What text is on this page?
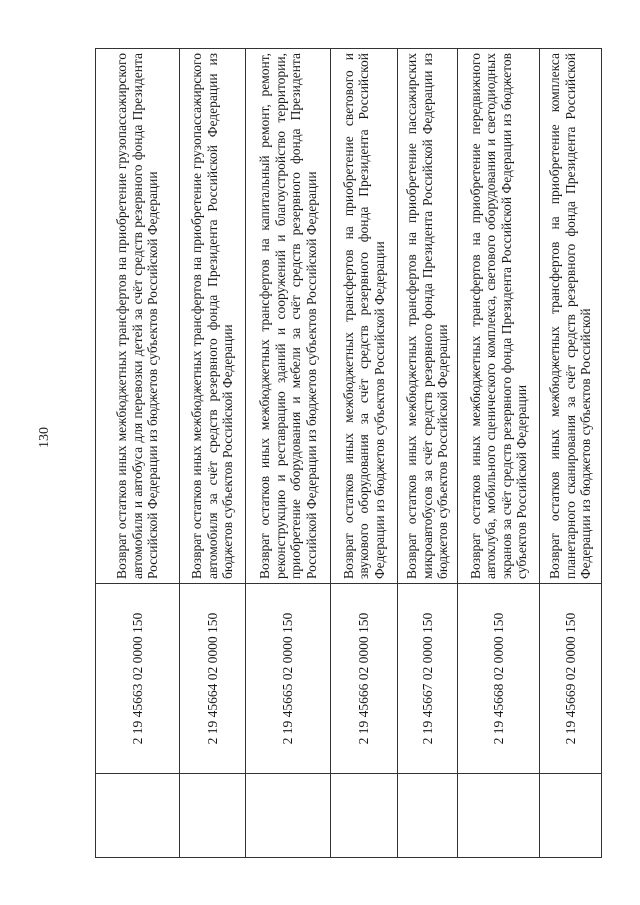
130
	2 19 45663 02 0000 150	Возврат остатков иных межбюджетных трансфертов на приобретение грузопассажирского автомобиля и автобуса для перевозки детей за счёт средств резервного фонда Президента Российской Федерации из бюджетов субъектов Российской Федерации
	2 19 45664 02 0000 150	Возврат остатков иных межбюджетных трансфертов на приобретение грузопассажирского автомобиля за счёт средств резервного фонда Президента Российской Федерации из бюджетов субъектов Российской Федерации
	2 19 45665 02 0000 150	Возврат остатков иных межбюджетных трансфертов на капитальный ремонт, ремонт, реконструкцию и реставрацию зданий и сооружений и благоустройство территории, приобретение оборудования и мебели за счёт средств резервного фонда Президента Российской Федерации из бюджетов субъектов Российской Федерации
	2 19 45666 02 0000 150	Возврат остатков иных межбюджетных трансфертов на приобретение светового и звукового оборудования за счёт средств резервного фонда Президента Российской Федерации из бюджетов субъектов Российской Федерации
	2 19 45667 02 0000 150	Возврат остатков иных межбюджетных трансфертов на приобретение пассажирских микроавтобусов за счёт средств резервного фонда Президента Российской Федерации из бюджетов субъектов Российской Федерации
	2 19 45668 02 0000 150	Возврат остатков иных межбюджетных трансфертов на приобретение передвижного автоклуба, мобильного сценического комплекса, светового оборудования и светодиодных экранов за счёт средств резервного фонда Президента Российской Федерации из бюджетов субъектов Российской Федерации
	2 19 45669 02 0000 150	Возврат остатков иных межбюджетных трансфертов на приобретение комплекса планетарного сканирования за счёт средств резервного фонда Президента Российской Федерации из бюджетов субъектов Российской
